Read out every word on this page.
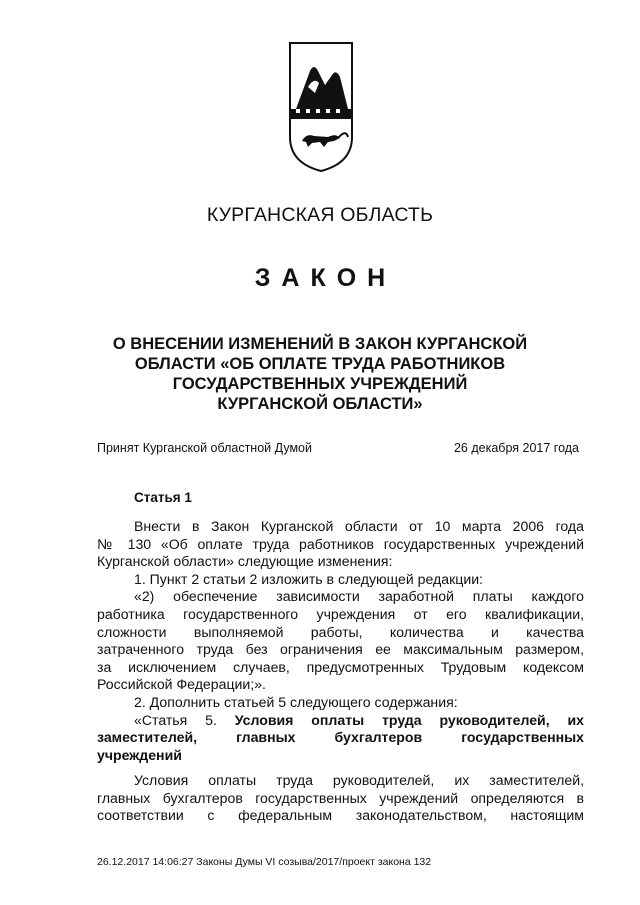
КУРГАНСКАЯ ОБЛАСТЬ
ЗАКОН
О ВНЕСЕНИИ ИЗМЕНЕНИЙ В ЗАКОН КУРГАНСКОЙ
ОБЛАСТИ «ОБ ОПЛАТЕ ТРУДА РАБОТНИКОВ
ГОСУДАРСТВЕННЫХ УЧРЕЖДЕНИЙ
КУРГАНСКОЙ ОБЛАСТИ»
Принят Курганской областной Думой	26 декабря 2017 года
Статья 1
Внести в Закон Курганской области от 10 марта 2006 года
№ 130 «Об оплате труда работников государственных учреждений
Курганской области» следующие изменения:
1. Пункт 2 статьи 2 изложить в следующей редакции:
«2) обеспечение зависимости заработной платы каждого
работника государственного учреждения от его квалификации,
сложности выполняемой работы, количества и качества
затраченного труда без ограничения ее максимальным размером,
за исключением случаев, предусмотренных Трудовым кодексом
Российской Федерации;».
2. Дополнить статьей 5 следующего содержания:
«Статья 5. Условия оплаты труда руководителей, их
заместителей, главных бухгалтеров государственных
учреждений
Условия оплаты труда руководителей, их заместителей,
главных бухгалтеров государственных учреждений определяются в
соответствии с федеральным законодательством, настоящим
26.12.2017 14:06:27 Законы Думы VI созыва/2017/проект закона 132
